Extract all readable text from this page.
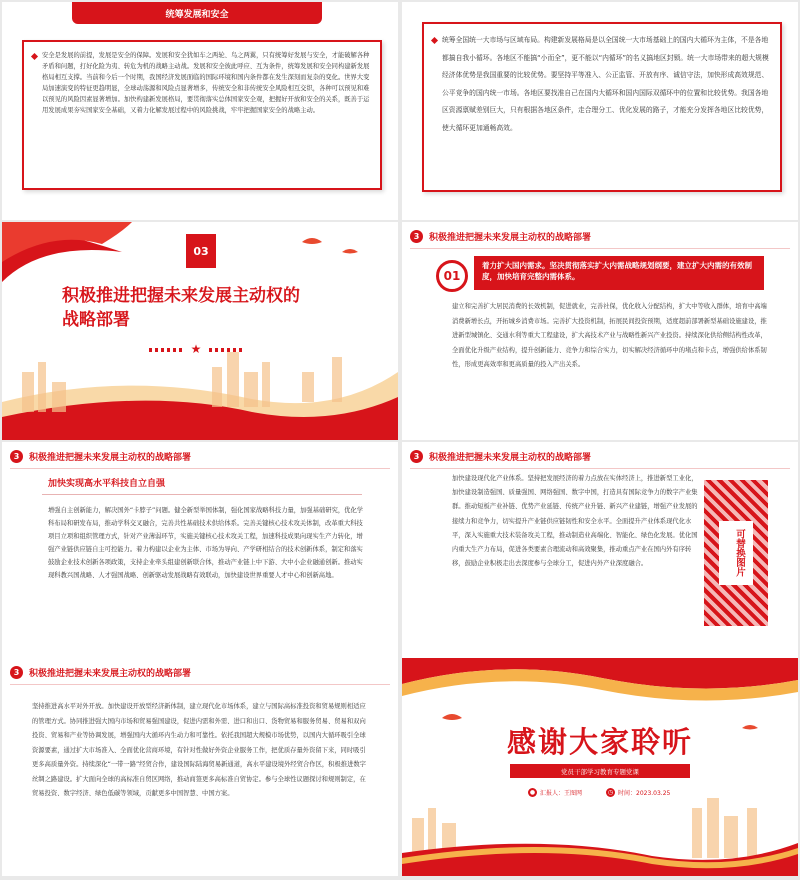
统筹发展和安全

安全是发展的前提，发展是安全的保障。发展和安全犹如车之两轮、鸟之两翼，只有统筹好发展与安全，才能破解各种矛盾和问题，打好化险为夷、转危为机的战略主动战。发展和安全彼此呼应、互为条件，统筹发展和安全同构建新发展格局相互支撑。当前和今后一个时期，我国经济发展面临的国际环境和国内条件都在发生深刻而复杂的变化。世界大变局加速演变的特征更趋明显，全球动荡源和风险点显著增多，传统安全和非传统安全风险相互交织，各种可以预见和难以预见的风险因素显著增加。加快构建新发展格局，要贯彻落实总体国家安全观，把握好开放和安全的关系，既善于运用发展成果夯实国家安全基础，又着力化解发展过程中的风险挑战，牢牢把握国家安全的战略主动。

统筹全国统一大市场与区域布局。构建新发展格局是以全国统一大市场基础上的国内大循环为主体，不是各地都搞自我小循环。各地区不能搞“小而全”，更不能以“内循环”的名义搞地区封锁。统一大市场带来的超大规模经济体优势是我国重要的比较优势。要坚持平等准入、公正监管、开放有序、诚信守法，加快形成高效规范、公平竞争的国内统一市场。各地区要找准自己在国内大循环和国内国际双循环中的位置和比较优势。我国各地区资源禀赋差别巨大，只有根据各地区条件，走合理分工、优化发展的路子，才能充分发挥各地区比较优势，使大循环更加通畅高效。

03
积极推进把握未来发展主动权的
战略部署
★
3	积极推进把握未来发展主动权的战略部署
01
着力扩大国内需求。坚决贯彻落实扩大内需战略规划纲要，建立扩大内需的有效制度，加快培育完整内需体系。

建立和完善扩大居民消费的长效机制，促进就业，完善社保，优化收入分配结构，扩大中等收入群体，培育中高端消费新增长点，开拓城乡消费市场。完善扩大投资机制，拓展民间投资预期，适度超前部署新型基础设施建设，推进新型城镇化、交通水利等重大工程建设，扩大高技术产业与战略性新兴产业投资。持续深化供给侧结构性改革，全面优化升级产业结构，提升创新能力、竞争力和综合实力，切实解决经济循环中的堵点和卡点，增强供给体系韧性，形成更高效率和更高质量的投入产出关系。

3	积极推进把握未来发展主动权的战略部署
加快实现高水平科技自立自强

增强自主创新能力，解决国外“卡脖子”问题。健全新型举国体制，强化国家战略科技力量，加强基础研究，优化学科布局和研发布局，推动学科交叉融合，完善共性基础技术供给体系。完善关键核心技术攻关体制，改革重大科技项目立项和组织管理方式，针对产业薄弱环节，实施关键核心技术攻关工程，加速科技成果向现实生产力转化，增强产业链供应链自主可控能力。着力构建以企业为主体、市场为导向、产学研相结合的技术创新体系，制定和落实鼓励企业技术创新各项政策，支持企业牵头组建创新联合体，推动产业链上中下游、大中小企业融通创新。推动实现科教兴国战略、人才强国战略、创新驱动发展战略有效联动，加快建设世界重要人才中心和创新高地。

3	积极推进把握未来发展主动权的战略部署

加快建设现代化产业体系。坚持把发展经济的着力点放在实体经济上，推进新型工业化，加快建设制造强国、质量强国、网络强国、数字中国，打造具有国际竞争力的数字产业集群。推动短板产业补链、优势产业延链、传统产业升链、新兴产业建链，增强产业发展的接续力和竞争力，切实提升产业链供应链韧性和安全水平。全面提升产业体系现代化水平，深入实施重大技术装备攻关工程，推动制造业高端化、智能化、绿色化发展。优化国内重大生产力布局，促进各类要素合理流动和高效聚集，推动重点产业在国内外有序转移，鼓励企业积极走出去深度参与全球分工，促进内外产业深度融合。	可替换图片
3	积极推进把握未来发展主动权的战略部署

坚持推进高水平对外开放。加快建设开放型经济新体制，建立现代化市场体系，建立与国际高标准投资和贸易规则相适应的管理方式。协同推进强大国内市场和贸易强国建设，促进内需和外需、进口和出口、货物贸易和服务贸易、贸易和双向投资、贸易和产业等协调发展，增强国内大循环内生动力和可靠性。依托我国超大规模市场优势，以国内大循环吸引全球资源要素，通过扩大市场准入、全面优化营商环境，有针对性做好外资企业服务工作，把优质存量外资留下来，同时吸引更多高质量外资。持续深化“一带一路”经贸合作，建设国际陆海贸易新通道，高水平建设境外经贸合作区，积极推进数字丝绸之路建设。扩大面向全球的高标准自贸区网络，推动商签更多高标准自贸协定。参与全球性议题探讨和规则制定，在贸易投资、数字经济、绿色低碳等领域，贡献更多中国智慧、中国方案。

感谢大家聆听
党员干部学习教育专题党课
● 汇报人：王图网	◷ 时间：2023.03.25
